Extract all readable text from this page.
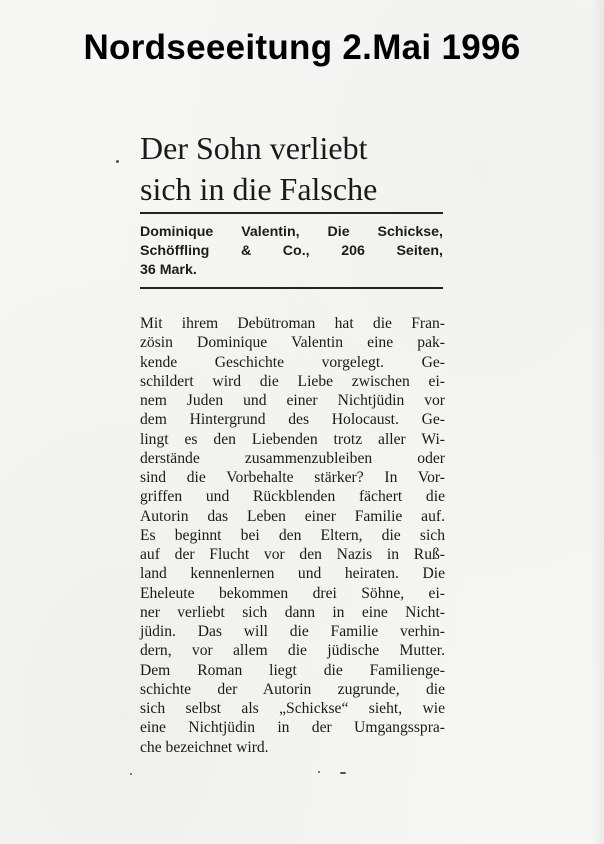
Nordseeeitung 2.Mai 1996
Der Sohn verliebt
sich in die Falsche
Dominique Valentin, Die Schickse,
Schöffling & Co., 206 Seiten,
36 Mark.
Mit ihrem Debütroman hat die Fran-
zösin Dominique Valentin eine pak-
kende Geschichte vorgelegt. Ge-
schildert wird die Liebe zwischen ei-
nem Juden und einer Nichtjüdin vor
dem Hintergrund des Holocaust. Ge-
lingt es den Liebenden trotz aller Wi-
derstände zusammenzubleiben oder
sind die Vorbehalte stärker? In Vor-
griffen und Rückblenden fächert die
Autorin das Leben einer Familie auf.
Es beginnt bei den Eltern, die sich
auf der Flucht vor den Nazis in Ruß-
land kennenlernen und heiraten. Die
Eheleute bekommen drei Söhne, ei-
ner verliebt sich dann in eine Nicht-
jüdin. Das will die Familie verhin-
dern, vor allem die jüdische Mutter.
Dem Roman liegt die Familienge-
schichte der Autorin zugrunde, die
sich selbst als „Schickse“ sieht, wie
eine Nichtjüdin in der Umgangsspra-
che bezeichnet wird.
